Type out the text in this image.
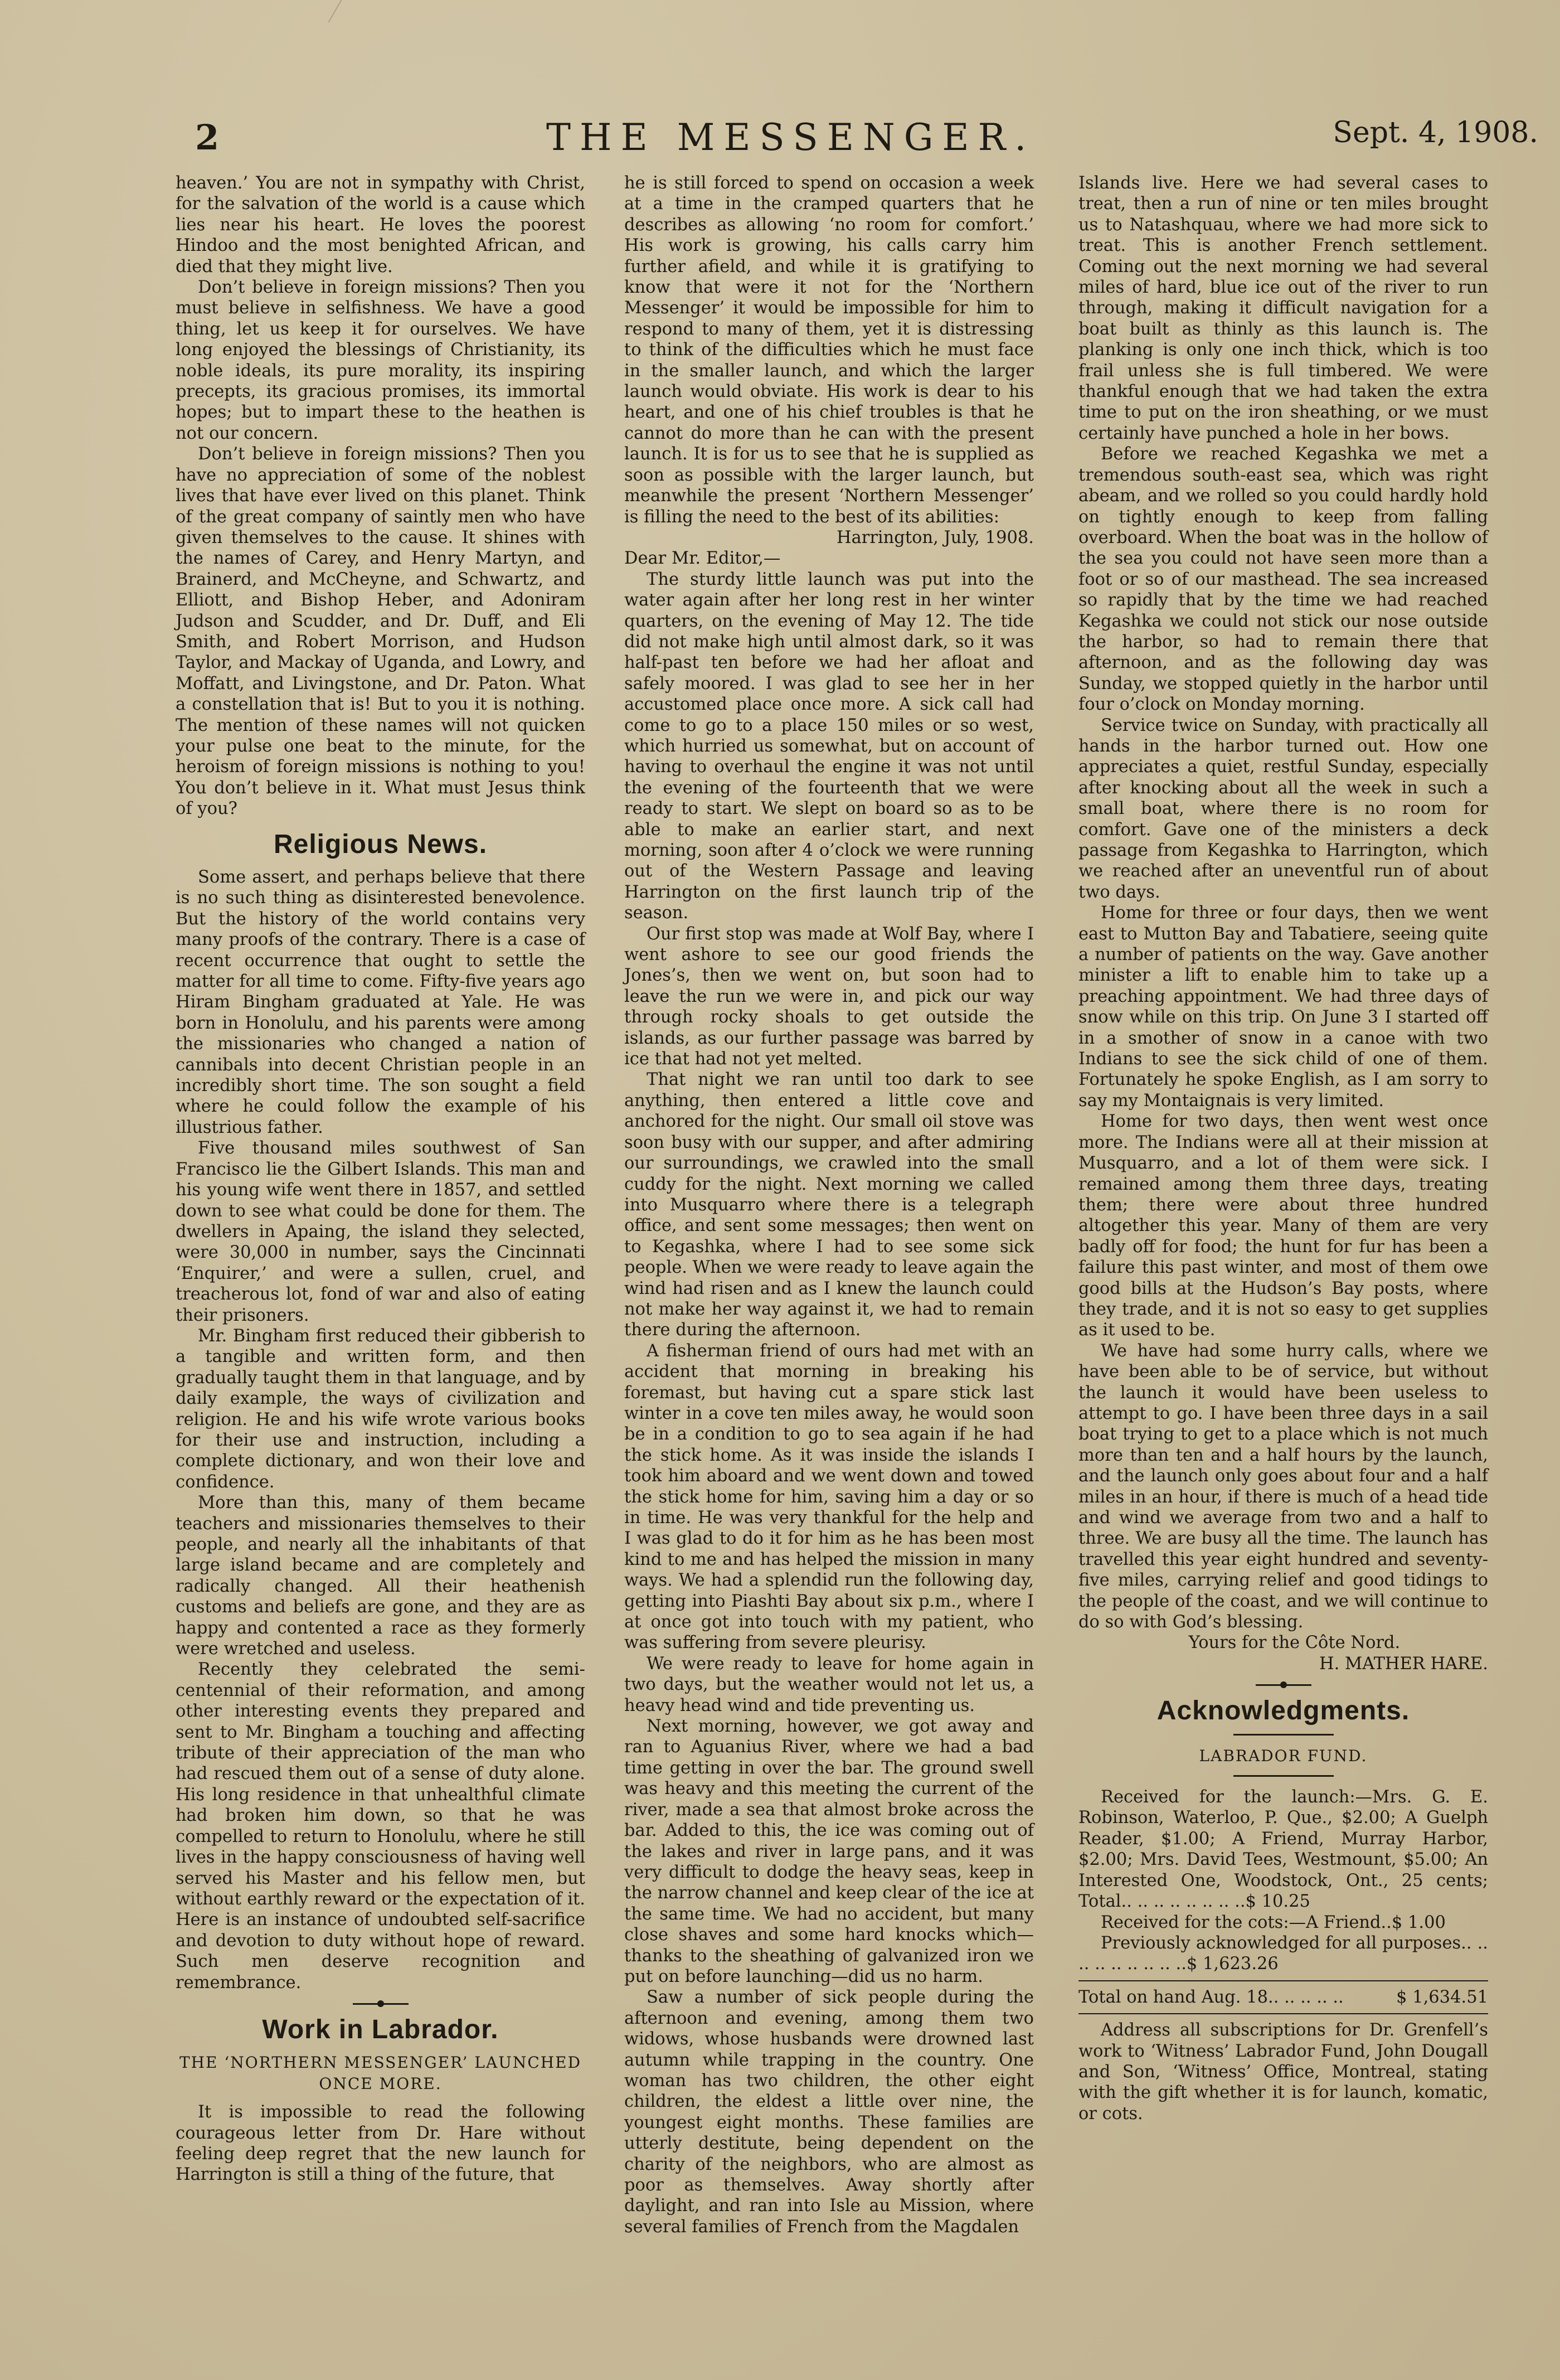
2	THE MESSENGER.	Sept. 4, 1908.

heaven.’ You are not in sympathy with Christ, for the salvation of the world is a cause which lies near his heart. He loves the poorest Hindoo and the most benighted African, and died that they might live.

Don’t believe in foreign missions? Then you must believe in selfishness. We have a good thing, let us keep it for ourselves. We have long enjoyed the blessings of Christianity, its noble ideals, its pure morality, its inspiring precepts, its gracious promises, its immortal hopes; but to impart these to the heathen is not our concern.

Don’t believe in foreign missions? Then you have no appreciation of some of the noblest lives that have ever lived on this planet. Think of the great company of saintly men who have given themselves to the cause. It shines with the names of Carey, and Henry Martyn, and Brainerd, and McCheyne, and Schwartz, and Elliott, and Bishop Heber, and Adoniram Judson and Scudder, and Dr. Duff, and Eli Smith, and Robert Morrison, and Hudson Taylor, and Mackay of Uganda, and Lowry, and Moffatt, and Livingstone, and Dr. Paton. What a constellation that is! But to you it is nothing. The mention of these names will not quicken your pulse one beat to the minute, for the heroism of foreign missions is nothing to you! You don’t believe in it. What must Jesus think of you?

Religious News.

Some assert, and perhaps believe that there is no such thing as disinterested benevolence. But the history of the world contains very many proofs of the contrary. There is a case of recent occurrence that ought to settle the matter for all time to come. Fifty-five years ago Hiram Bingham graduated at Yale. He was born in Honolulu, and his parents were among the missionaries who changed a nation of cannibals into decent Christian people in an incredibly short time. The son sought a field where he could follow the example of his illustrious father.

Five thousand miles southwest of San Francisco lie the Gilbert Islands. This man and his young wife went there in 1857, and settled down to see what could be done for them. The dwellers in Apaing, the island they selected, were 30,000 in number, says the Cincinnati ‘Enquirer,’ and were a sullen, cruel, and treacherous lot, fond of war and also of eating their prisoners.

Mr. Bingham first reduced their gibberish to a tangible and written form, and then gradually taught them in that language, and by daily example, the ways of civilization and religion. He and his wife wrote various books for their use and instruction, including a complete dictionary, and won their love and confidence.

More than this, many of them became teachers and missionaries themselves to their people, and nearly all the inhabitants of that large island became and are completely and radically changed. All their heathenish customs and beliefs are gone, and they are as happy and contented a race as they formerly were wretched and useless.

Recently they celebrated the semi-centennial of their reformation, and among other interesting events they prepared and sent to Mr. Bingham a touching and affecting tribute of their appreciation of the man who had rescued them out of a sense of duty alone. His long residence in that unhealthful climate had broken him down, so that he was compelled to return to Honolulu, where he still lives in the happy consciousness of having well served his Master and his fellow men, but without earthly reward or the expectation of it. Here is an instance of undoubted self-sacrifice and devotion to duty without hope of reward. Such men deserve recognition and remembrance.

Work in Labrador.
THE ‘NORTHERN MESSENGER’ LAUNCHED ONCE MORE.

It is impossible to read the following courageous letter from Dr. Hare without feeling deep regret that the new launch for Harrington is still a thing of the future, that

he is still forced to spend on occasion a week at a time in the cramped quarters that he describes as allowing ‘no room for comfort.’ His work is growing, his calls carry him further afield, and while it is gratifying to know that were it not for the ‘Northern Messenger’ it would be impossible for him to respond to many of them, yet it is distressing to think of the difficulties which he must face in the smaller launch, and which the larger launch would obviate. His work is dear to his heart, and one of his chief troubles is that he cannot do more than he can with the present launch. It is for us to see that he is supplied as soon as possible with the larger launch, but meanwhile the present ‘Northern Messenger’ is filling the need to the best of its abilities:

Harrington, July, 1908.

Dear Mr. Editor,—

The sturdy little launch was put into the water again after her long rest in her winter quarters, on the evening of May 12. The tide did not make high until almost dark, so it was half-past ten before we had her afloat and safely moored. I was glad to see her in her accustomed place once more. A sick call had come to go to a place 150 miles or so west, which hurried us somewhat, but on account of having to overhaul the engine it was not until the evening of the fourteenth that we were ready to start. We slept on board so as to be able to make an earlier start, and next morning, soon after 4 o’clock we were running out of the Western Passage and leaving Harrington on the first launch trip of the season.

Our first stop was made at Wolf Bay, where I went ashore to see our good friends the Jones’s, then we went on, but soon had to leave the run we were in, and pick our way through rocky shoals to get outside the islands, as our further passage was barred by ice that had not yet melted.

That night we ran until too dark to see anything, then entered a little cove and anchored for the night. Our small oil stove was soon busy with our supper, and after admiring our surroundings, we crawled into the small cuddy for the night. Next morning we called into Musquarro where there is a telegraph office, and sent some messages; then went on to Kegashka, where I had to see some sick people. When we were ready to leave again the wind had risen and as I knew the launch could not make her way against it, we had to remain there during the afternoon.

A fisherman friend of ours had met with an accident that morning in breaking his foremast, but having cut a spare stick last winter in a cove ten miles away, he would soon be in a condition to go to sea again if he had the stick home. As it was inside the islands I took him aboard and we went down and towed the stick home for him, saving him a day or so in time. He was very thankful for the help and I was glad to do it for him as he has been most kind to me and has helped the mission in many ways. We had a splendid run the following day, getting into Piashti Bay about six p.m., where I at once got into touch with my patient, who was suffering from severe pleurisy.

We were ready to leave for home again in two days, but the weather would not let us, a heavy head wind and tide preventing us.

Next morning, however, we got away and ran to Aguanius River, where we had a bad time getting in over the bar. The ground swell was heavy and this meeting the current of the river, made a sea that almost broke across the bar. Added to this, the ice was coming out of the lakes and river in large pans, and it was very difficult to dodge the heavy seas, keep in the narrow channel and keep clear of the ice at the same time. We had no accident, but many close shaves and some hard knocks which—thanks to the sheathing of galvanized iron we put on before launching—did us no harm.

Saw a number of sick people during the afternoon and evening, among them two widows, whose husbands were drowned last autumn while trapping in the country. One woman has two children, the other eight children, the eldest a little over nine, the youngest eight months. These families are utterly destitute, being dependent on the charity of the neighbors, who are almost as poor as themselves. Away shortly after daylight, and ran into Isle au Mission, where several families of French from the Magdalen

Islands live. Here we had several cases to treat, then a run of nine or ten miles brought us to Natashquau, where we had more sick to treat. This is another French settlement. Coming out the next morning we had several miles of hard, blue ice out of the river to run through, making it difficult navigation for a boat built as thinly as this launch is. The planking is only one inch thick, which is too frail unless she is full timbered. We were thankful enough that we had taken the extra time to put on the iron sheathing, or we must certainly have punched a hole in her bows.

Before we reached Kegashka we met a tremendous south-east sea, which was right abeam, and we rolled so you could hardly hold on tightly enough to keep from falling overboard. When the boat was in the hollow of the sea you could not have seen more than a foot or so of our masthead. The sea increased so rapidly that by the time we had reached Kegashka we could not stick our nose outside the harbor, so had to remain there that afternoon, and as the following day was Sunday, we stopped quietly in the harbor until four o’clock on Monday morning.

Service twice on Sunday, with practically all hands in the harbor turned out. How one appreciates a quiet, restful Sunday, especially after knocking about all the week in such a small boat, where there is no room for comfort. Gave one of the ministers a deck passage from Kegashka to Harrington, which we reached after an uneventful run of about two days.

Home for three or four days, then we went east to Mutton Bay and Tabatiere, seeing quite a number of patients on the way. Gave another minister a lift to enable him to take up a preaching appointment. We had three days of snow while on this trip. On June 3 I started off in a smother of snow in a canoe with two Indians to see the sick child of one of them. Fortunately he spoke English, as I am sorry to say my Montaignais is very limited.

Home for two days, then went west once more. The Indians were all at their mission at Musquarro, and a lot of them were sick. I remained among them three days, treating them; there were about three hundred altogether this year. Many of them are very badly off for food; the hunt for fur has been a failure this past winter, and most of them owe good bills at the Hudson’s Bay posts, where they trade, and it is not so easy to get supplies as it used to be.

We have had some hurry calls, where we have been able to be of service, but without the launch it would have been useless to attempt to go. I have been three days in a sail boat trying to get to a place which is not much more than ten and a half hours by the launch, and the launch only goes about four and a half miles in an hour, if there is much of a head tide and wind we average from two and a half to three. We are busy all the time. The launch has travelled this year eight hundred and seventy-five miles, carrying relief and good tidings to the people of the coast, and we will continue to do so with God’s blessing.

Yours for the Côte Nord.

H. MATHER HARE.

Acknowledgments.
LABRADOR FUND.

Received for the launch:—Mrs. G. E. Robinson, Waterloo, P. Que., $2.00; A Guelph Reader, $1.00; A Friend, Murray Harbor, $2.00; Mrs. David Tees, Westmount, $5.00; An Interested One, Woodstock, Ont., 25 cents; Total.. .. .. .. .. .. .. ..$ 10.25

Received for the cots:—A Friend..$ 1.00

Previously acknowledged for all purposes.. .. .. .. .. .. .. .. ..$ 1,623.26

Total on hand Aug. 18.. .. .. .. ..	$ 1,634.51

Address all subscriptions for Dr. Grenfell’s work to ‘Witness’ Labrador Fund, John Dougall and Son, ‘Witness’ Office, Montreal, stating with the gift whether it is for launch, komatic, or cots.
